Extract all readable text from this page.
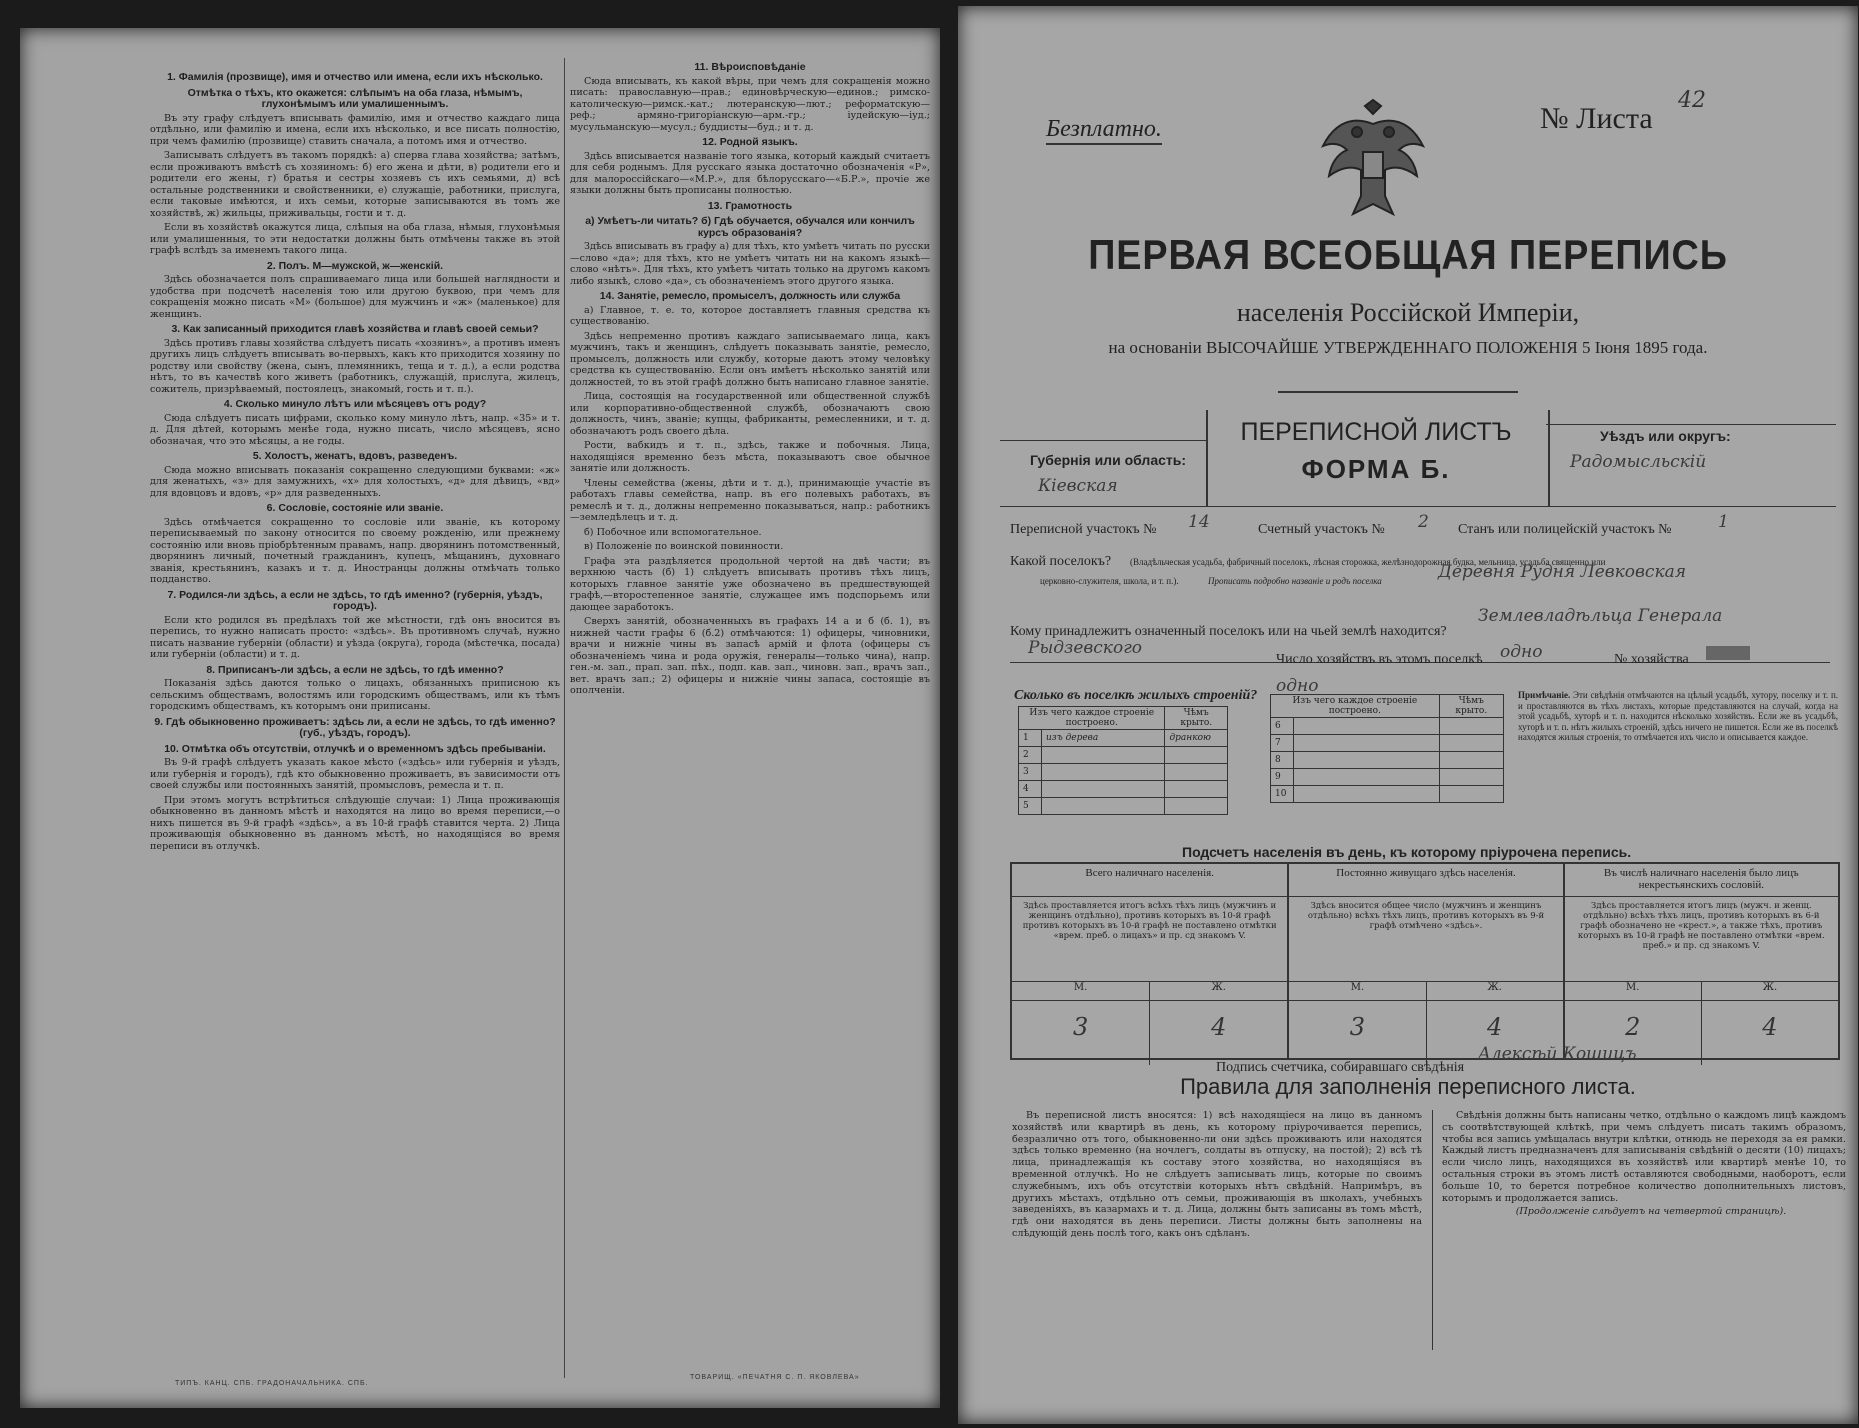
1. Фамилія (прозвище), имя и отчество или имена, если ихъ нѣсколько.
Отмѣтка о тѣхъ, кто окажется: слѣпымъ на оба глаза, нѣмымъ, глухонѣмымъ или умалишеннымъ.

Въ эту графу слѣдуетъ вписывать фамилію, имя и отчество каждаго лица отдѣльно, или фамилію и имена, если ихъ нѣсколько, и все писать полностію, при чемъ фамилію (прозвище) ставить сначала, а потомъ имя и отчество.

Записывать слѣдуетъ въ такомъ порядкѣ: а) сперва глава хозяйства; затѣмъ, если проживаютъ вмѣстѣ съ хозяиномъ: б) его жена и дѣти, в) родители его и родители его жены, г) братья и сестры хозяевъ съ ихъ семьями, д) всѣ остальные родственники и свойственники, е) служащіе, работники, прислуга, если таковые имѣются, и ихъ семьи, которые записываются въ томъ же хозяйствѣ, ж) жильцы, приживальцы, гости и т. д.

Если въ хозяйствѣ окажутся лица, слѣпыя на оба глаза, нѣмыя, глухонѣмыя или умалишенныя, то эти недостатки должны быть отмѣчены также въ этой графѣ вслѣдъ за именемъ такого лица.

2. Полъ. М—мужской, ж—женскій.

Здѣсь обозначается полъ спрашиваемаго лица или большей наглядности и удобства при подсчетѣ населенія тою или другою буквою, при чемъ для сокращенія можно писать «М» (большое) для мужчинъ и «ж» (маленькое) для женщинъ.

3. Как записанный приходится главѣ хозяйства и главѣ своей семьи?

Здѣсь противъ главы хозяйства слѣдуетъ писать «хозяинъ», а противъ именъ другихъ лицъ слѣдуетъ вписывать во-первыхъ, какъ кто приходится хозяину по родству или свойству (жена, сынъ, племянникъ, теща и т. д.), а если родства нѣтъ, то въ качествѣ кого живетъ (работникъ, служащій, прислуга, жилецъ, сожитель, призрѣваемый, постоялецъ, знакомый, гость и т. п.).

4. Сколько минуло лѣтъ или мѣсяцевъ отъ роду?

Сюда слѣдуетъ писать цифрами, сколько кому минуло лѣтъ, напр. «35» и т. д. Для дѣтей, которымъ менѣе года, нужно писать, число мѣсяцевъ, ясно обозначая, что это мѣсяцы, а не годы.

5. Холостъ, женатъ, вдовъ, разведенъ.

Сюда можно вписывать показанія сокращенно следующими буквами: «ж» для женатыхъ, «з» для замужнихъ, «х» для холостыхъ, «д» для дѣвицъ, «вд» для вдовцовъ и вдовъ, «р» для разведенныхъ.

6. Сословіе, состояніе или званіе.

Здѣсь отмѣчается сокращенно то сословіе или званіе, къ которому переписываемый по закону относится по своему рожденію, или прежнему состоянію или вновь пріобрѣтенным правамъ, напр. дворянинъ потомственный, дворянинъ личный, почетный гражданинъ, купецъ, мѣщанинъ, духовнаго званія, крестьянинъ, казакъ и т. д. Иностранцы должны отмѣчать только подданство.

7. Родился-ли здѣсь, а если не здѣсь, то гдѣ именно? (губернія, уѣздъ, городъ).

Если кто родился въ предѣлахъ той же мѣстности, гдѣ онъ вносится въ перепись, то нужно написать просто: «здѣсь». Въ противномъ случаѣ, нужно писать название губерніи (области) и уѣзда (округа), города (мѣстечка, посада) или губерніи (области) и т. д.

8. Приписанъ-ли здѣсь, а если не здѣсь, то гдѣ именно?

Показанія здѣсь даются только о лицахъ, обязанныхъ приписною къ сельскимъ обществамъ, волостямъ или городскимъ обществамъ, или къ тѣмъ городскимъ обществамъ, къ которымъ они приписаны.

9. Гдѣ обыкновенно проживаетъ: здѣсь ли, а если не здѣсь, то гдѣ именно? (губ., уѣздъ, городъ).
10. Отмѣтка объ отсутствіи, отлучкѣ и о временномъ здѣсь пребываніи.

Въ 9-й графѣ слѣдуетъ указать какое мѣсто («здѣсь» или губернія и уѣздъ, или губернія и городъ), гдѣ кто обыкновенно проживаетъ, въ зависимости отъ своей службы или постоянныхъ занятій, промысловъ, ремесла и т. п.

При этомъ могутъ встрѣтиться слѣдующіе случаи: 1) Лица проживающія обыкновенно въ данномъ мѣстѣ и находятся на лицо во время переписи,—о нихъ пишется въ 9-й графѣ «здѣсь», а въ 10-й графѣ ставится черта. 2) Лица проживающія обыкновенно въ данномъ мѣстѣ, но находящіяся во время переписи въ отлучкѣ.

11. Вѣроисповѣданіе

Сюда вписывать, къ какой вѣры, при чемъ для сокращенія можно писать: православную—прав.; единовѣрческую—единов.; римско-католическую—римск.-кат.; лютеранскую—лют.; реформатскую—реф.; армяно-григоріанскую—арм.-гр.; іудейскую—іуд.; мусульманскую—мусул.; буддисты—буд.; и т. д.

12. Родной языкъ.

Здѣсь вписывается названіе того языка, который каждый считаетъ для себя роднымъ. Для русскаго языка достаточно обозначенія «Р», для малороссійскаго—«М.Р.», для бѣлорусскаго—«Б.Р.», прочіе же языки должны быть прописаны полностью.

13. Грамотность
а) Умѣетъ-ли читать? б) Гдѣ обучается, обучался или кончилъ курсъ образованія?

Здѣсь вписывать въ графу а) для тѣхъ, кто умѣетъ читать по русски—слово «да»; для тѣхъ, кто не умѣетъ читать ни на какомъ языкѣ—слово «нѣтъ». Для тѣхъ, кто умѣетъ читать только на другомъ какомъ либо языкѣ, слово «да», съ обозначеніемъ этого другого языка.

14. Занятіе, ремесло, промыселъ, должность или служба

а) Главное, т. е. то, которое доставляетъ главныя средства къ существованію.

Здѣсь непременно противъ каждаго записываемаго лица, какъ мужчинъ, такъ и женщинъ, слѣдуетъ показывать занятіе, ремесло, промыселъ, должность или службу, которые даютъ этому человѣку средства къ существованію. Если онъ имѣетъ нѣсколько занятій или должностей, то въ этой графѣ должно быть написано главное занятіе.

Лица, состоящія на государственной или общественной службѣ или корпоративно-общественной службѣ, обозначаютъ свою должность, чинъ, званіе; купцы, фабриканты, ремесленники, и т. д. обозначаютъ родъ своего дѣла.

Рости, вабкидъ и т. п., здѣсь, также и побочныя. Лица, находящіяся временно безъ мѣста, показываютъ свое обычное занятіе или должность.

Члены семейства (жены, дѣти и т. д.), принимающіе участіе въ работахъ главы семейства, напр. въ его полевыхъ работахъ, въ ремеслѣ и т. д., должны непременно показываться, напр.: работникъ—земледѣлецъ и т. д.

б) Побочное или вспомогательное.

в) Положеніе по воинской повинности.

Графа эта раздѣляется продольной чертой на двѣ части; въ верхнюю часть (б) 1) слѣдуетъ вписывать противъ тѣхъ лицъ, которыхъ главное занятіе уже обозначено въ предшествующей графѣ,—второстепенное занятіе, служащее имъ подспорьемъ или дающее заработокъ.

Сверхъ занятій, обозначенныхъ въ графахъ 14 а и б (б. 1), въ нижней части графы 6 (б.2) отмѣчаются: 1) офицеры, чиновники, врачи и нижніе чины въ запасѣ армій и флота (офицеры съ обозначеніемъ чина и рода оружія, генералы—только чина), напр. ген.-м. зап., прап. зап. пѣх., подп. кав. зап., чиновн. зап., врачъ зап., вет. врачъ зап.; 2) офицеры и нижніе чины запаса, состоящіе въ ополченіи.

ТИПЪ. КАНЦ. СПБ. ГРАДОНАЧАЛЬНИКА. СПБ.
ТОВАРИЩ. «ПЕЧАТНЯ С. П. ЯКОВЛЕВА»
Безплатно.	№ Листа
42
ПЕРВАЯ ВСЕОБЩАЯ ПЕРЕПИСЬ
населенія Россійской Имперіи,
на основаніи ВЫСОЧАЙШЕ УТВЕРЖДЕННАГО ПОЛОЖЕНІЯ 5 Іюня 1895 года.
ПЕРЕПИСНОЙ ЛИСТЪ
ФОРМА Б.
Губернія или область:
Кіевская
Уѣздъ или округъ:
Радомысльскій
Переписной участокъ № 14	Счетный участокъ № 2 Станъ или полицейскій участокъ №	1
Какой поселокъ? (Владѣльческая усадьба, фабричный поселокъ, лѣсная сторожка, желѣзнодорожная будка, мельница, усадьба священно или
церковно-служителя, школа, и т. п.).	Прописать подробно названіе и родъ поселка	Деревня Рудня Левковская
Кому принадлежитъ означенный поселокъ или на чьей землѣ находится?
Землевладѣльца Генерала
Рыдзевского
Число хозяйствъ въ этомъ поселкѣ одно	№ хозяйства
Сколько въ поселкѣ жилыхъ строеній? одно
Изъ чего каждое строеніе построено.		Чѣмъ крыто.
1	изъ дерева	дранкою
2		
3		
4		
5		
Изъ чего каждое строеніе построено.		Чѣмъ крыто.
6		
7		
8		
9		
10		
Примѣчаніе. Эти свѣдѣнія отмѣчаются на цѣлый усадьбѣ, хутору, поселку и т. п. и проставляются въ тѣхъ листахъ, которые представляются на случай, когда на этой усадьбѣ, хуторѣ и т. п. находится нѣсколько хозяйствъ. Если же въ усадьбѣ, хуторѣ и т. п. нѣтъ жилыхъ строеній, здѣсь ничего не пишется. Если же въ поселкѣ находятся жилыя строенія, то отмѣчается ихъ число и описывается каждое.
Подсчетъ населенія въ день, къ которому пріурочена перепись.
Всего наличнаго населенія.
Здѣсь проставляется итогъ всѣхъ тѣхъ лицъ (мужчинъ и женщинъ отдѣльно), противъ которыхъ въ 10-й графѣ противъ которыхъ въ 10-й графѣ не поставлено отмѣтки «врем. преб. о лицахъ» и пр. сд знакомъ V.
М.	Ж.
3	4
Постоянно живущаго здѣсь населенія.
Здѣсь вносится общее число (мужчинъ и женщинъ отдѣльно) всѣхъ тѣхъ лицъ, противъ которыхъ въ 9-й графѣ отмѣчено «здѣсь».
М.	Ж.
3	4
Въ числѣ наличнаго населенія было лицъ некрестьянскихъ сословій.
Здѣсь проставляется итогъ лицъ (мужч. и женщ. отдѣльно) всѣхъ тѣхъ лицъ, противъ которыхъ въ 6-й графѣ обозначено не «крест.», а также тѣхъ, противъ которыхъ въ 10-й графѣ не поставлено отмѣтки «врем. преб.» и пр. сд знакомъ V.
М.	Ж.
2	4
Подпись счетчика, собиравшаго свѣдѣнія
Алексѣй Кошицъ
Правила для заполненія переписного листа.

Въ переписной листъ вносятся: 1) всѣ находящіеся на лицо въ данномъ хозяйствѣ или квартирѣ въ день, къ которому пріурочивается перепись, безразлично отъ того, обыкновенно-ли они здѣсь проживаютъ или находятся здѣсь только временно (на ночлегъ, солдаты въ отпуску, на постой); 2) всѣ тѣ лица, принадлежащія къ составу этого хозяйства, но находящіяся въ временной отлучкѣ. Но не слѣдуетъ записывать лицъ, которые по своимъ служебнымъ, ихъ объ отсутствіи которыхъ нѣтъ свѣдѣній. Напримѣръ, въ другихъ мѣстахъ, отдѣльно отъ семьи, проживающія въ школахъ, учебныхъ заведеніяхъ, въ казармахъ и т. д. Лица, должны быть записаны въ томъ мѣстѣ, гдѣ они находятся въ день переписи. Листы должны быть заполнены на слѣдующій день послѣ того, какъ онъ сдѣланъ.

Свѣдѣнія должны быть написаны четко, отдѣльно о каждомъ лицѣ каждомъ съ соотвѣтствующей клѣткѣ, при чемъ слѣдуетъ писать такимъ образомъ, чтобы вся запись умѣщалась внутри клѣтки, отнюдь не переходя за ея рамки. Каждый листъ предназначенъ для записыванія свѣдѣній о десяти (10) лицахъ; если число лицъ, находящихся въ хозяйствѣ или квартирѣ менѣе 10, то остальныя строки въ этомъ листѣ оставляются свободными, наоборотъ, если больше 10, то берется потребное количество дополнительныхъ листовъ, которымъ и продолжается запись.

(Продолженіе слѣдуетъ на четвертой страницѣ).
